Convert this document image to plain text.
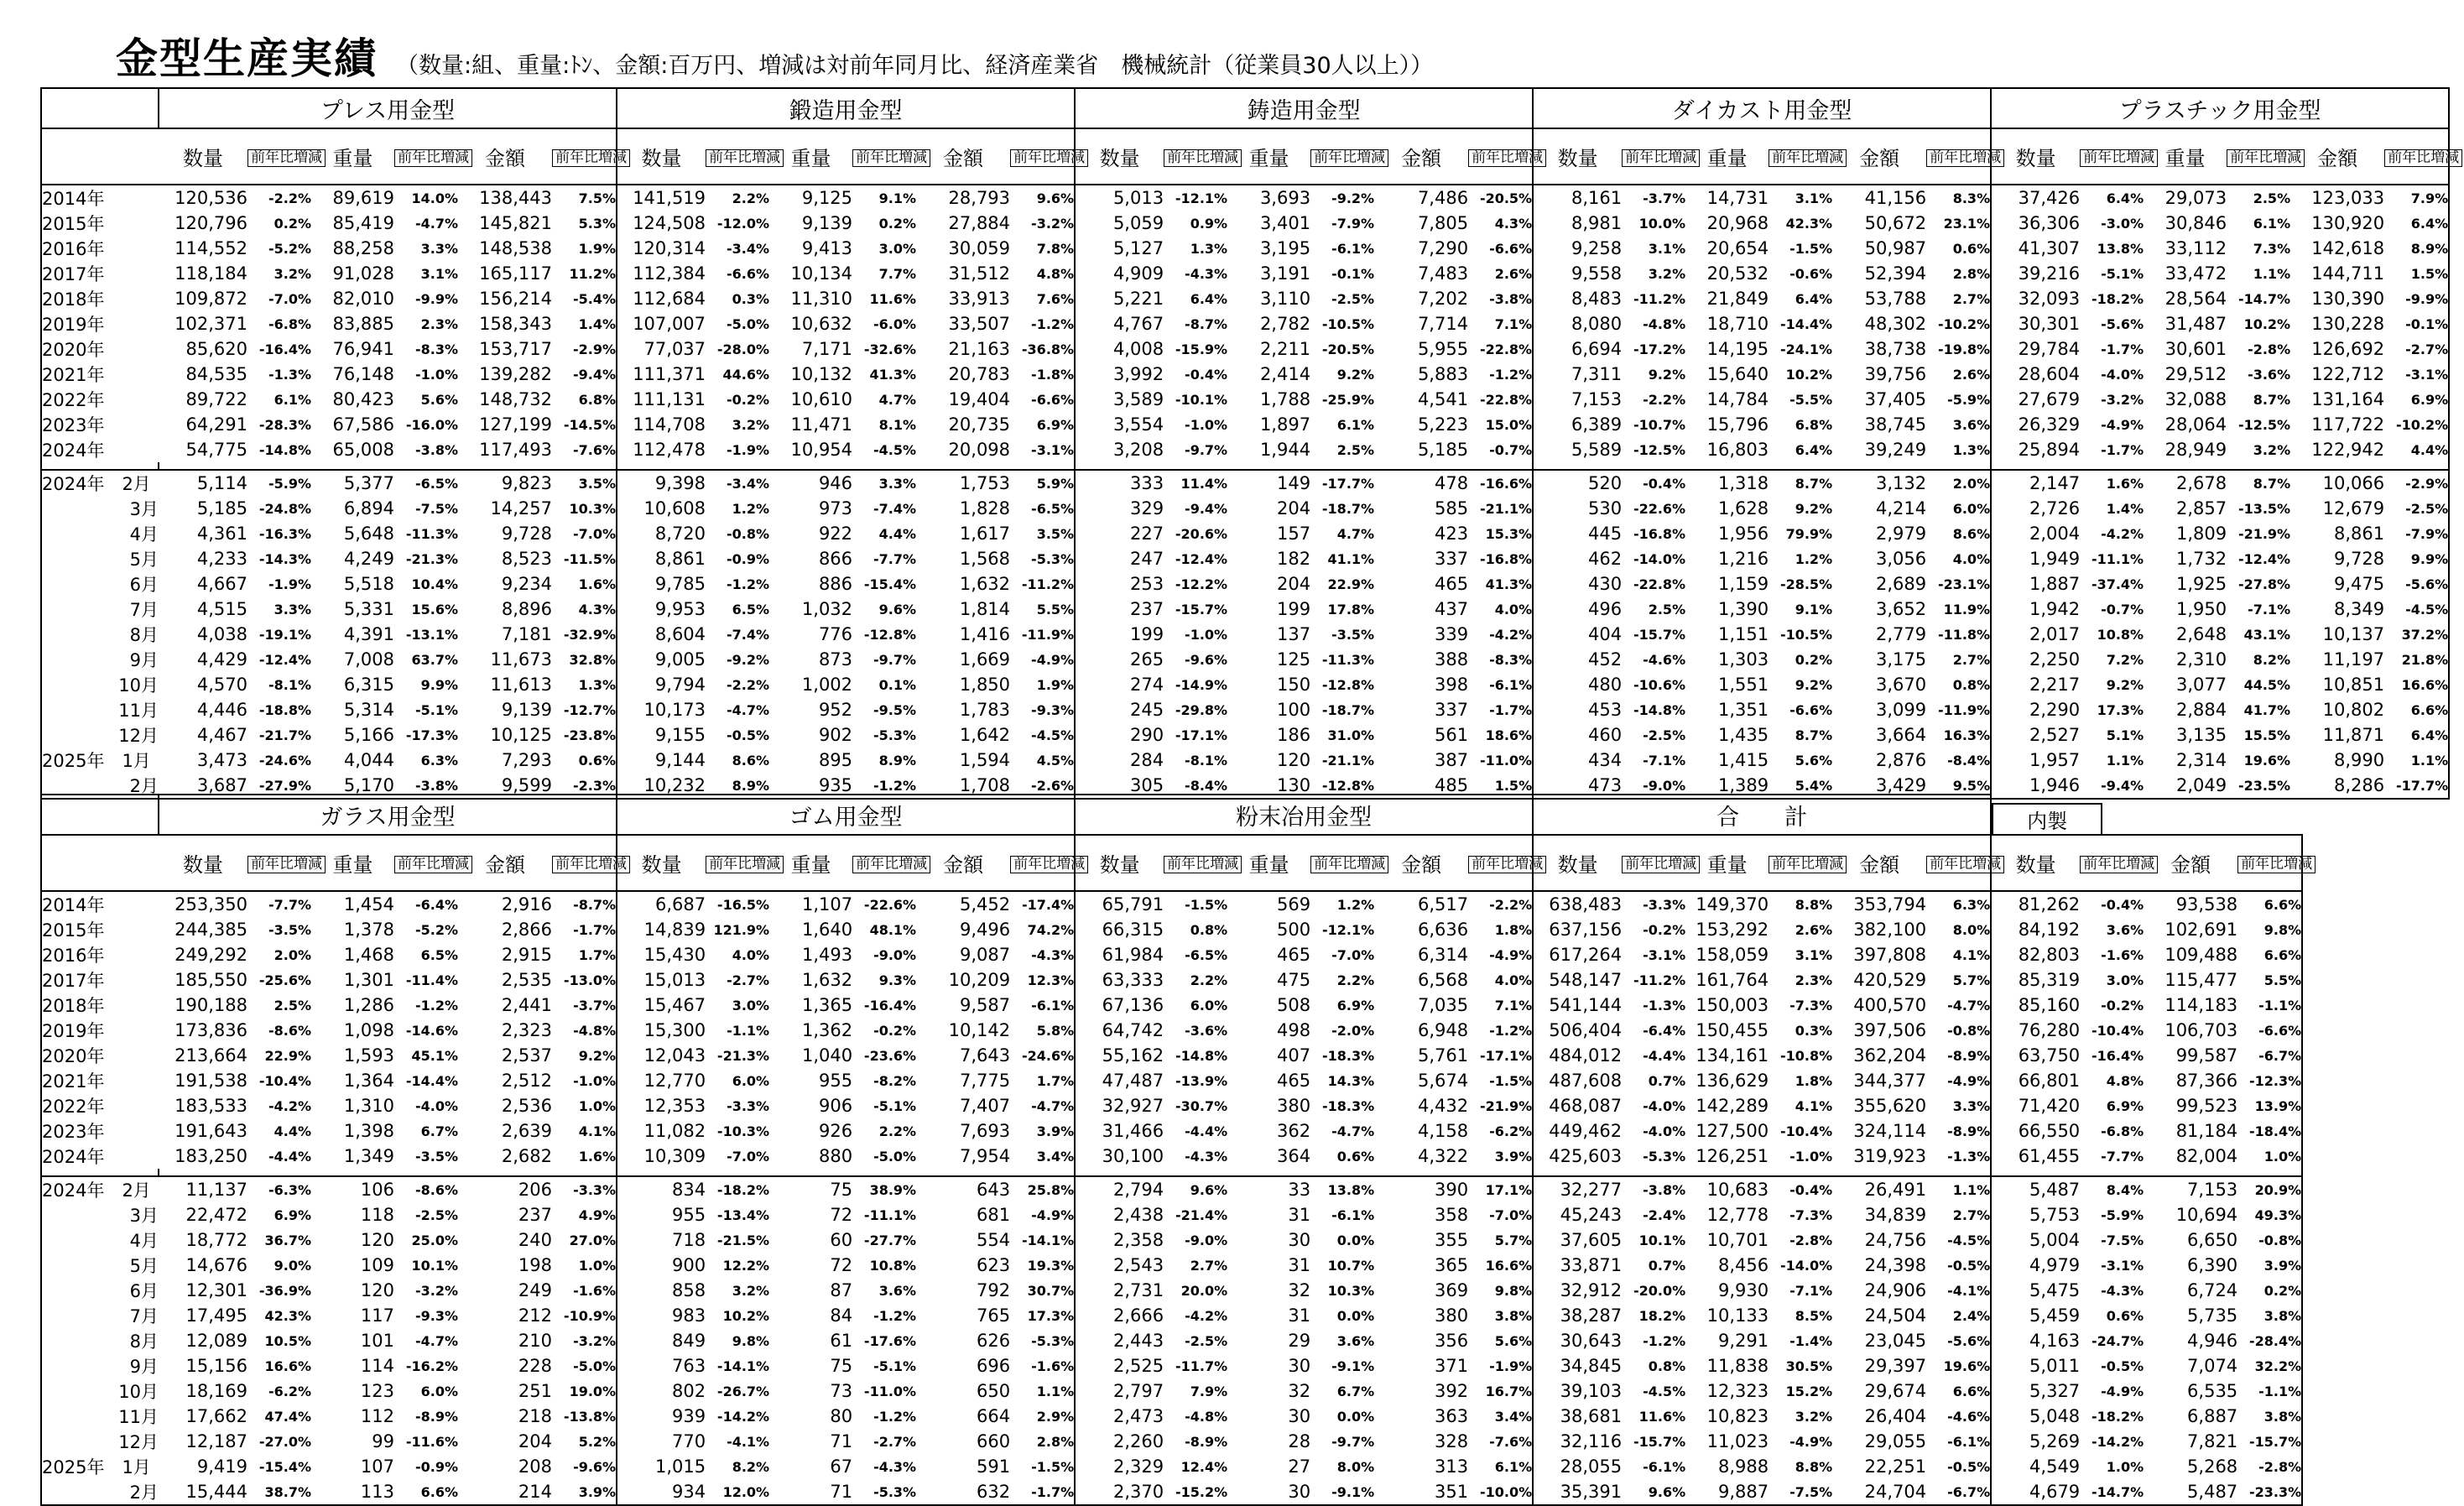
金型生産実績 （数量:組、重量:ﾄﾝ、金額:百万円、増減は対前年同月比、経済産業省　機械統計（従業員30人以上））
	プレス用金型						鍛造用金型						鋳造用金型						ダイカスト用金型						プラスチック用金型					
	数量	前年比増減	重量	前年比増減	金額	前年比増減	数量	前年比増減	重量	前年比増減	金額	前年比増減	数量	前年比増減	重量	前年比増減	金額	前年比増減	数量	前年比増減	重量	前年比増減	金額	前年比増減	数量	前年比増減	重量	前年比増減	金額	前年比増減
2014年	120,536	-2.2%	89,619	14.0%	138,443	7.5%	141,519	2.2%	9,125	9.1%	28,793	9.6%	5,013	-12.1%	3,693	-9.2%	7,486	-20.5%	8,161	-3.7%	14,731	3.1%	41,156	8.3%	37,426	6.4%	29,073	2.5%	123,033	7.9%
2015年	120,796	0.2%	85,419	-4.7%	145,821	5.3%	124,508	-12.0%	9,139	0.2%	27,884	-3.2%	5,059	0.9%	3,401	-7.9%	7,805	4.3%	8,981	10.0%	20,968	42.3%	50,672	23.1%	36,306	-3.0%	30,846	6.1%	130,920	6.4%
2016年	114,552	-5.2%	88,258	3.3%	148,538	1.9%	120,314	-3.4%	9,413	3.0%	30,059	7.8%	5,127	1.3%	3,195	-6.1%	7,290	-6.6%	9,258	3.1%	20,654	-1.5%	50,987	0.6%	41,307	13.8%	33,112	7.3%	142,618	8.9%
2017年	118,184	3.2%	91,028	3.1%	165,117	11.2%	112,384	-6.6%	10,134	7.7%	31,512	4.8%	4,909	-4.3%	3,191	-0.1%	7,483	2.6%	9,558	3.2%	20,532	-0.6%	52,394	2.8%	39,216	-5.1%	33,472	1.1%	144,711	1.5%
2018年	109,872	-7.0%	82,010	-9.9%	156,214	-5.4%	112,684	0.3%	11,310	11.6%	33,913	7.6%	5,221	6.4%	3,110	-2.5%	7,202	-3.8%	8,483	-11.2%	21,849	6.4%	53,788	2.7%	32,093	-18.2%	28,564	-14.7%	130,390	-9.9%
2019年	102,371	-6.8%	83,885	2.3%	158,343	1.4%	107,007	-5.0%	10,632	-6.0%	33,507	-1.2%	4,767	-8.7%	2,782	-10.5%	7,714	7.1%	8,080	-4.8%	18,710	-14.4%	48,302	-10.2%	30,301	-5.6%	31,487	10.2%	130,228	-0.1%
2020年	85,620	-16.4%	76,941	-8.3%	153,717	-2.9%	77,037	-28.0%	7,171	-32.6%	21,163	-36.8%	4,008	-15.9%	2,211	-20.5%	5,955	-22.8%	6,694	-17.2%	14,195	-24.1%	38,738	-19.8%	29,784	-1.7%	30,601	-2.8%	126,692	-2.7%
2021年	84,535	-1.3%	76,148	-1.0%	139,282	-9.4%	111,371	44.6%	10,132	41.3%	20,783	-1.8%	3,992	-0.4%	2,414	9.2%	5,883	-1.2%	7,311	9.2%	15,640	10.2%	39,756	2.6%	28,604	-4.0%	29,512	-3.6%	122,712	-3.1%
2022年	89,722	6.1%	80,423	5.6%	148,732	6.8%	111,131	-0.2%	10,610	4.7%	19,404	-6.6%	3,589	-10.1%	1,788	-25.9%	4,541	-22.8%	7,153	-2.2%	14,784	-5.5%	37,405	-5.9%	27,679	-3.2%	32,088	8.7%	131,164	6.9%
2023年	64,291	-28.3%	67,586	-16.0%	127,199	-14.5%	114,708	3.2%	11,471	8.1%	20,735	6.9%	3,554	-1.0%	1,897	6.1%	5,223	15.0%	6,389	-10.7%	15,796	6.8%	38,745	3.6%	26,329	-4.9%	28,064	-12.5%	117,722	-10.2%
2024年	54,775	-14.8%	65,008	-3.8%	117,493	-7.6%	112,478	-1.9%	10,954	-4.5%	20,098	-3.1%	3,208	-9.7%	1,944	2.5%	5,185	-0.7%	5,589	-12.5%	16,803	6.4%	39,249	1.3%	25,894	-1.7%	28,949	3.2%	122,942	4.4%

2024年　2月	5,114	-5.9%	5,377	-6.5%	9,823	3.5%	9,398	-3.4%	946	3.3%	1,753	5.9%	333	11.4%	149	-17.7%	478	-16.6%	520	-0.4%	1,318	8.7%	3,132	2.0%	2,147	1.6%	2,678	8.7%	10,066	-2.9%
3月	5,185	-24.8%	6,894	-7.5%	14,257	10.3%	10,608	1.2%	973	-7.4%	1,828	-6.5%	329	-9.4%	204	-18.7%	585	-21.1%	530	-22.6%	1,628	9.2%	4,214	6.0%	2,726	1.4%	2,857	-13.5%	12,679	-2.5%
4月	4,361	-16.3%	5,648	-11.3%	9,728	-7.0%	8,720	-0.8%	922	4.4%	1,617	3.5%	227	-20.6%	157	4.7%	423	15.3%	445	-16.8%	1,956	79.9%	2,979	8.6%	2,004	-4.2%	1,809	-21.9%	8,861	-7.9%
5月	4,233	-14.3%	4,249	-21.3%	8,523	-11.5%	8,861	-0.9%	866	-7.7%	1,568	-5.3%	247	-12.4%	182	41.1%	337	-16.8%	462	-14.0%	1,216	1.2%	3,056	4.0%	1,949	-11.1%	1,732	-12.4%	9,728	9.9%
6月	4,667	-1.9%	5,518	10.4%	9,234	1.6%	9,785	-1.2%	886	-15.4%	1,632	-11.2%	253	-12.2%	204	22.9%	465	41.3%	430	-22.8%	1,159	-28.5%	2,689	-23.1%	1,887	-37.4%	1,925	-27.8%	9,475	-5.6%
7月	4,515	3.3%	5,331	15.6%	8,896	4.3%	9,953	6.5%	1,032	9.6%	1,814	5.5%	237	-15.7%	199	17.8%	437	4.0%	496	2.5%	1,390	9.1%	3,652	11.9%	1,942	-0.7%	1,950	-7.1%	8,349	-4.5%
8月	4,038	-19.1%	4,391	-13.1%	7,181	-32.9%	8,604	-7.4%	776	-12.8%	1,416	-11.9%	199	-1.0%	137	-3.5%	339	-4.2%	404	-15.7%	1,151	-10.5%	2,779	-11.8%	2,017	10.8%	2,648	43.1%	10,137	37.2%
9月	4,429	-12.4%	7,008	63.7%	11,673	32.8%	9,005	-9.2%	873	-9.7%	1,669	-4.9%	265	-9.6%	125	-11.3%	388	-8.3%	452	-4.6%	1,303	0.2%	3,175	2.7%	2,250	7.2%	2,310	8.2%	11,197	21.8%
10月	4,570	-8.1%	6,315	9.9%	11,613	1.3%	9,794	-2.2%	1,002	0.1%	1,850	1.9%	274	-14.9%	150	-12.8%	398	-6.1%	480	-10.6%	1,551	9.2%	3,670	0.8%	2,217	9.2%	3,077	44.5%	10,851	16.6%
11月	4,446	-18.8%	5,314	-5.1%	9,139	-12.7%	10,173	-4.7%	952	-9.5%	1,783	-9.3%	245	-29.8%	100	-18.7%	337	-1.7%	453	-14.8%	1,351	-6.6%	3,099	-11.9%	2,290	17.3%	2,884	41.7%	10,802	6.6%
12月	4,467	-21.7%	5,166	-17.3%	10,125	-23.8%	9,155	-0.5%	902	-5.3%	1,642	-4.5%	290	-17.1%	186	31.0%	561	18.6%	460	-2.5%	1,435	8.7%	3,664	16.3%	2,527	5.1%	3,135	15.5%	11,871	6.4%
2025年　1月	3,473	-24.6%	4,044	6.3%	7,293	0.6%	9,144	8.6%	895	8.9%	1,594	4.5%	284	-8.1%	120	-21.1%	387	-11.0%	434	-7.1%	1,415	5.6%	2,876	-8.4%	1,957	1.1%	2,314	19.6%	8,990	1.1%
2月	3,687	-27.9%	5,170	-3.8%	9,599	-2.3%	10,232	8.9%	935	-1.2%	1,708	-2.6%	305	-8.4%	130	-12.8%	485	1.5%	473	-9.0%	1,389	5.4%	3,429	9.5%	1,946	-9.4%	2,049	-23.5%	8,286	-17.7%
	ガラス用金型						ゴム用金型						粉末冶用金型						合　　計						内製				
	数量	前年比増減	重量	前年比増減	金額	前年比増減	数量	前年比増減	重量	前年比増減	金額	前年比増減	数量	前年比増減	重量	前年比増減	金額	前年比増減	数量	前年比増減	重量	前年比増減	金額	前年比増減	数量	前年比増減	金額	前年比増減	
2014年	253,350	-7.7%	1,454	-6.4%	2,916	-8.7%	6,687	-16.5%	1,107	-22.6%	5,452	-17.4%	65,791	-1.5%	569	1.2%	6,517	-2.2%	638,483	-3.3%	149,370	8.8%	353,794	6.3%	81,262	-0.4%	93,538	6.6%	
2015年	244,385	-3.5%	1,378	-5.2%	2,866	-1.7%	14,839	121.9%	1,640	48.1%	9,496	74.2%	66,315	0.8%	500	-12.1%	6,636	1.8%	637,156	-0.2%	153,292	2.6%	382,100	8.0%	84,192	3.6%	102,691	9.8%	
2016年	249,292	2.0%	1,468	6.5%	2,915	1.7%	15,430	4.0%	1,493	-9.0%	9,087	-4.3%	61,984	-6.5%	465	-7.0%	6,314	-4.9%	617,264	-3.1%	158,059	3.1%	397,808	4.1%	82,803	-1.6%	109,488	6.6%	
2017年	185,550	-25.6%	1,301	-11.4%	2,535	-13.0%	15,013	-2.7%	1,632	9.3%	10,209	12.3%	63,333	2.2%	475	2.2%	6,568	4.0%	548,147	-11.2%	161,764	2.3%	420,529	5.7%	85,319	3.0%	115,477	5.5%	
2018年	190,188	2.5%	1,286	-1.2%	2,441	-3.7%	15,467	3.0%	1,365	-16.4%	9,587	-6.1%	67,136	6.0%	508	6.9%	7,035	7.1%	541,144	-1.3%	150,003	-7.3%	400,570	-4.7%	85,160	-0.2%	114,183	-1.1%	
2019年	173,836	-8.6%	1,098	-14.6%	2,323	-4.8%	15,300	-1.1%	1,362	-0.2%	10,142	5.8%	64,742	-3.6%	498	-2.0%	6,948	-1.2%	506,404	-6.4%	150,455	0.3%	397,506	-0.8%	76,280	-10.4%	106,703	-6.6%	
2020年	213,664	22.9%	1,593	45.1%	2,537	9.2%	12,043	-21.3%	1,040	-23.6%	7,643	-24.6%	55,162	-14.8%	407	-18.3%	5,761	-17.1%	484,012	-4.4%	134,161	-10.8%	362,204	-8.9%	63,750	-16.4%	99,587	-6.7%	
2021年	191,538	-10.4%	1,364	-14.4%	2,512	-1.0%	12,770	6.0%	955	-8.2%	7,775	1.7%	47,487	-13.9%	465	14.3%	5,674	-1.5%	487,608	0.7%	136,629	1.8%	344,377	-4.9%	66,801	4.8%	87,366	-12.3%	
2022年	183,533	-4.2%	1,310	-4.0%	2,536	1.0%	12,353	-3.3%	906	-5.1%	7,407	-4.7%	32,927	-30.7%	380	-18.3%	4,432	-21.9%	468,087	-4.0%	142,289	4.1%	355,620	3.3%	71,420	6.9%	99,523	13.9%	
2023年	191,643	4.4%	1,398	6.7%	2,639	4.1%	11,082	-10.3%	926	2.2%	7,693	3.9%	31,466	-4.4%	362	-4.7%	4,158	-6.2%	449,462	-4.0%	127,500	-10.4%	324,114	-8.9%	66,550	-6.8%	81,184	-18.4%	
2024年	183,250	-4.4%	1,349	-3.5%	2,682	1.6%	10,309	-7.0%	880	-5.0%	7,954	3.4%	30,100	-4.3%	364	0.6%	4,322	3.9%	425,603	-5.3%	126,251	-1.0%	319,923	-1.3%	61,455	-7.7%	82,004	1.0%	

2024年　2月	11,137	-6.3%	106	-8.6%	206	-3.3%	834	-18.2%	75	38.9%	643	25.8%	2,794	9.6%	33	13.8%	390	17.1%	32,277	-3.8%	10,683	-0.4%	26,491	1.1%	5,487	8.4%	7,153	20.9%	
3月	22,472	6.9%	118	-2.5%	237	4.9%	955	-13.4%	72	-11.1%	681	-4.9%	2,438	-21.4%	31	-6.1%	358	-7.0%	45,243	-2.4%	12,778	-7.3%	34,839	2.7%	5,753	-5.9%	10,694	49.3%	
4月	18,772	36.7%	120	25.0%	240	27.0%	718	-21.5%	60	-27.7%	554	-14.1%	2,358	-9.0%	30	0.0%	355	5.7%	37,605	10.1%	10,701	-2.8%	24,756	-4.5%	5,004	-7.5%	6,650	-0.8%	
5月	14,676	9.0%	109	10.1%	198	1.0%	900	12.2%	72	10.8%	623	19.3%	2,543	2.7%	31	10.7%	365	16.6%	33,871	0.7%	8,456	-14.0%	24,398	-0.5%	4,979	-3.1%	6,390	3.9%	
6月	12,301	-36.9%	120	-3.2%	249	-1.6%	858	3.2%	87	3.6%	792	30.7%	2,731	20.0%	32	10.3%	369	9.8%	32,912	-20.0%	9,930	-7.1%	24,906	-4.1%	5,475	-4.3%	6,724	0.2%	
7月	17,495	42.3%	117	-9.3%	212	-10.9%	983	10.2%	84	-1.2%	765	17.3%	2,666	-4.2%	31	0.0%	380	3.8%	38,287	18.2%	10,133	8.5%	24,504	2.4%	5,459	0.6%	5,735	3.8%	
8月	12,089	10.5%	101	-4.7%	210	-3.2%	849	9.8%	61	-17.6%	626	-5.3%	2,443	-2.5%	29	3.6%	356	5.6%	30,643	-1.2%	9,291	-1.4%	23,045	-5.6%	4,163	-24.7%	4,946	-28.4%	
9月	15,156	16.6%	114	-16.2%	228	-5.0%	763	-14.1%	75	-5.1%	696	-1.6%	2,525	-11.7%	30	-9.1%	371	-1.9%	34,845	0.8%	11,838	30.5%	29,397	19.6%	5,011	-0.5%	7,074	32.2%	
10月	18,169	-6.2%	123	6.0%	251	19.0%	802	-26.7%	73	-11.0%	650	1.1%	2,797	7.9%	32	6.7%	392	16.7%	39,103	-4.5%	12,323	15.2%	29,674	6.6%	5,327	-4.9%	6,535	-1.1%	
11月	17,662	47.4%	112	-8.9%	218	-13.8%	939	-14.2%	80	-1.2%	664	2.9%	2,473	-4.8%	30	0.0%	363	3.4%	38,681	11.6%	10,823	3.2%	26,404	-4.6%	5,048	-18.2%	6,887	3.8%	
12月	12,187	-27.0%	99	-11.6%	204	5.2%	770	-4.1%	71	-2.7%	660	2.8%	2,260	-8.9%	28	-9.7%	328	-7.6%	32,116	-15.7%	11,023	-4.9%	29,055	-6.1%	5,269	-14.2%	7,821	-15.7%	
2025年　1月	9,419	-15.4%	107	-0.9%	208	-9.6%	1,015	8.2%	67	-4.3%	591	-1.5%	2,329	12.4%	27	8.0%	313	6.1%	28,055	-6.1%	8,988	8.8%	22,251	-0.5%	4,549	1.0%	5,268	-2.8%	
2月	15,444	38.7%	113	6.6%	214	3.9%	934	12.0%	71	-5.3%	632	-1.7%	2,370	-15.2%	30	-9.1%	351	-10.0%	35,391	9.6%	9,887	-7.5%	24,704	-6.7%	4,679	-14.7%	5,487	-23.3%	
